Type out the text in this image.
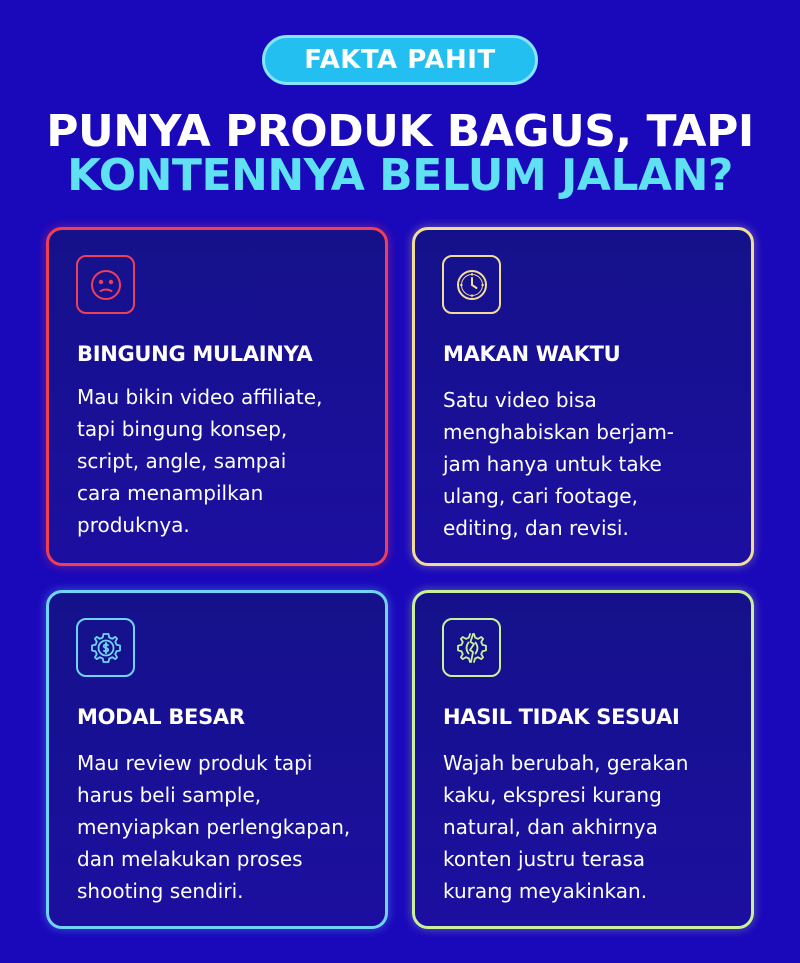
FAKTA PAHIT
PUNYA PRODUK BAGUS, TAPI
KONTENNYA BELUM JALAN?
BINGUNG MULAINYA
Mau bikin video affiliate,
tapi bingung konsep,
script, angle, sampai
cara menampilkan
produknya.
MAKAN WAKTU
Satu video bisa
menghabiskan berjam-
jam hanya untuk take
ulang, cari footage,
editing, dan revisi.
MODAL BESAR
Mau review produk tapi
harus beli sample,
menyiapkan perlengkapan,
dan melakukan proses
shooting sendiri.
HASIL TIDAK SESUAI
Wajah berubah, gerakan
kaku, ekspresi kurang
natural, dan akhirnya
konten justru terasa
kurang meyakinkan.
